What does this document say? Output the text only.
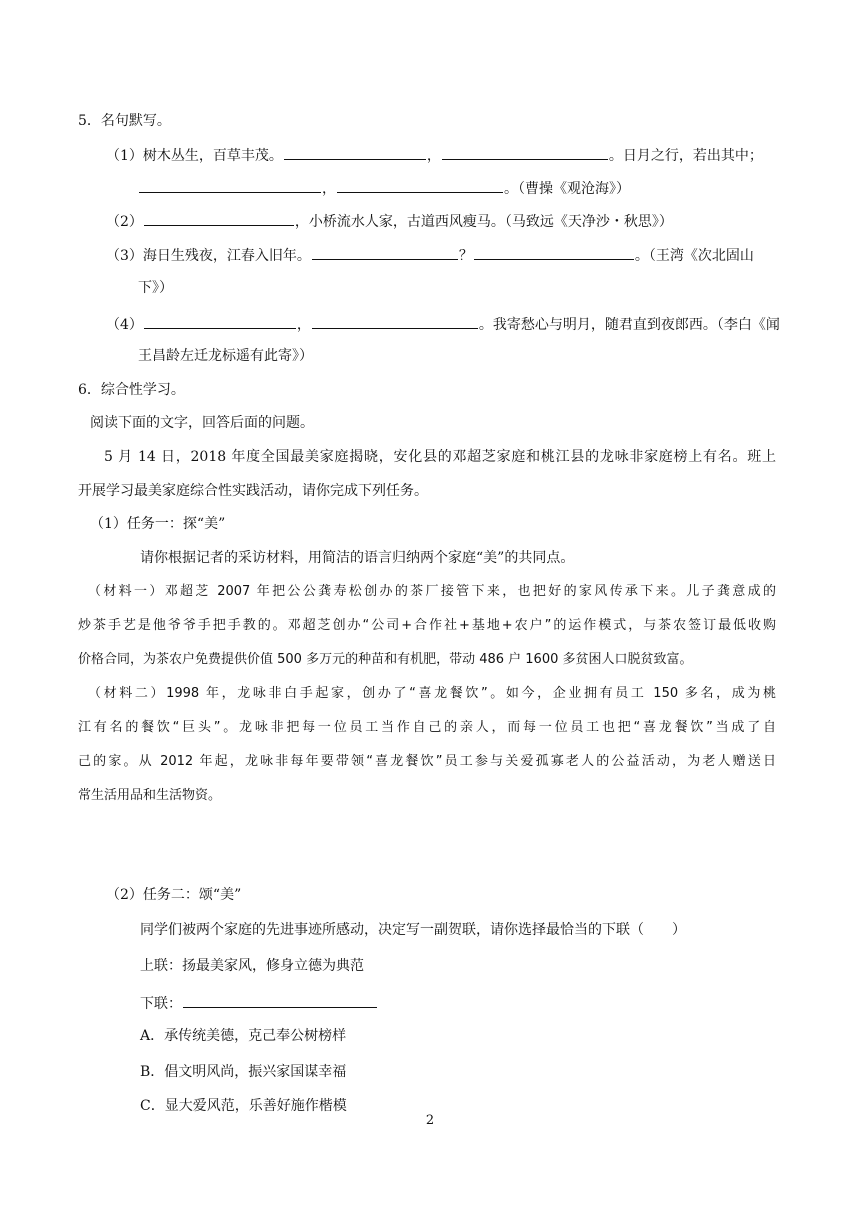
5．名句默写。
（1）树木丛生，百草丰茂。	，	。日月之行，若出其中；
，	。（曹操《观沧海》）
（2）	，小桥流水人家，古道西风瘦马。（马致远《天净沙・秋思》）
（3）海日生残夜，江春入旧年。	？	。（王湾《次北固山
下》）
（4）	，	。我寄愁心与明月，随君直到夜郎西。（李白《闻
王昌龄左迁龙标遥有此寄》）
6．综合性学习。
阅读下面的文字，回答后面的问题。
5 月 14 日，2018 年度全国最美家庭揭晓，安化县的邓超芝家庭和桃江县的龙咏非家庭榜上有名。班上
开展学习最美家庭综合性实践活动，请你完成下列任务。
（1）任务一：探“美”
请你根据记者的采访材料，用简洁的语言归纳两个家庭“美”的共同点。
（材料一）邓超芝 2007 年把公公龚寿松创办的茶厂接管下来，也把好的家风传承下来。儿子龚意成的
炒茶手艺是他爷爷手把手教的。邓超芝创办“公司+合作社+基地+农户”的运作模式，与茶农签订最低收购
价格合同，为茶农户免费提供价值 500 多万元的种苗和有机肥，带动 486 户 1600 多贫困人口脱贫致富。
（材料二）1998 年，龙咏非白手起家，创办了“喜龙餐饮”。如今，企业拥有员工 150 多名，成为桃
江有名的餐饮“巨头”。龙咏非把每一位员工当作自己的亲人，而每一位员工也把“喜龙餐饮”当成了自
己的家。从 2012 年起，龙咏非每年要带领“喜龙餐饮”员工参与关爱孤寡老人的公益活动，为老人赠送日
常生活用品和生活物资。
（2）任务二：颂“美”
同学们被两个家庭的先进事迹所感动，决定写一副贺联，请你选择最恰当的下联（　　）
上联：扬最美家风，修身立德为典范
下联：
A．承传统美德，克己奉公树榜样
B．倡文明风尚，振兴家国谋幸福
C．显大爱风范，乐善好施作楷模
2
